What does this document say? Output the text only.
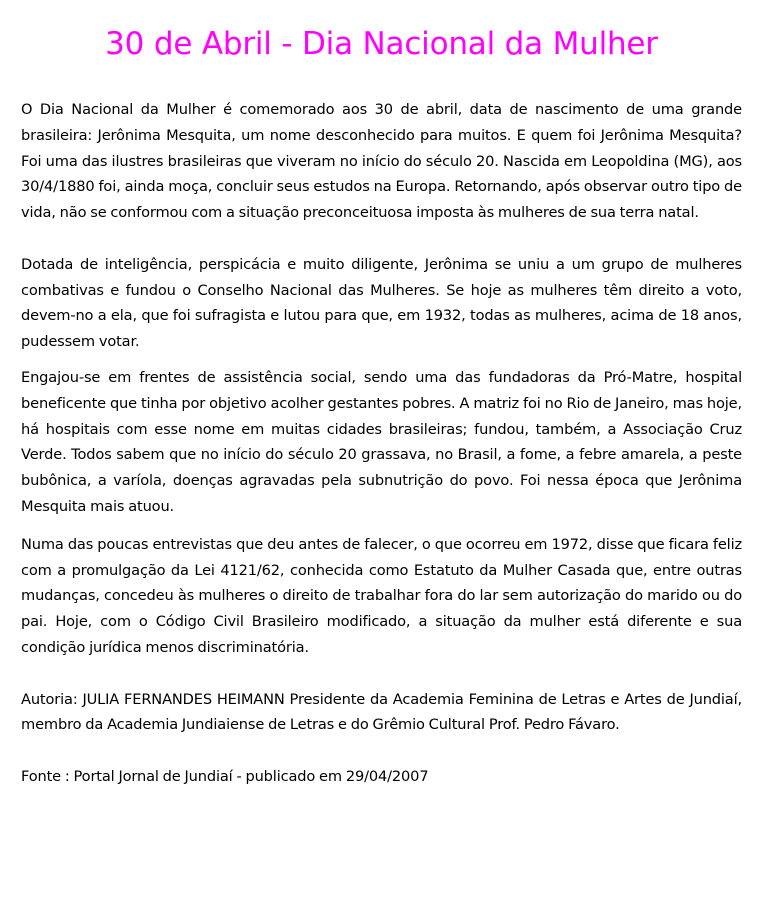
30 de Abril - Dia Nacional da Mulher

O Dia Nacional da Mulher é comemorado aos 30 de abril, data de nascimento de uma grande brasileira: Jerônima Mesquita, um nome desconhecido para muitos. E quem foi Jerônima Mesquita? Foi uma das ilustres brasileiras que viveram no início do século 20. Nascida em Leopoldina (MG), aos 30/4/1880 foi, ainda moça, concluir seus estudos na Europa. Retornando, após observar outro tipo de vida, não se conformou com a situação preconceituosa imposta às mulheres de sua terra natal.

Dotada de inteligência, perspicácia e muito diligente, Jerônima se uniu a um grupo de mulheres combativas e fundou o Conselho Nacional das Mulheres. Se hoje as mulheres têm direito a voto, devem-no a ela, que foi sufragista e lutou para que, em 1932, todas as mulheres, acima de 18 anos, pudessem votar.

Engajou-se em frentes de assistência social, sendo uma das fundadoras da Pró-Matre, hospital beneficente que tinha por objetivo acolher gestantes pobres. A matriz foi no Rio de Janeiro, mas hoje, há hospitais com esse nome em muitas cidades brasileiras; fundou, também, a Associação Cruz Verde. Todos sabem que no início do século 20 grassava, no Brasil, a fome, a febre amarela, a peste bubônica, a varíola, doenças agravadas pela subnutrição do povo. Foi nessa época que Jerônima Mesquita mais atuou.

Numa das poucas entrevistas que deu antes de falecer, o que ocorreu em 1972, disse que ficara feliz com a promulgação da Lei 4121/62, conhecida como Estatuto da Mulher Casada que, entre outras mudanças, concedeu às mulheres o direito de trabalhar fora do lar sem autorização do marido ou do pai. Hoje, com o Código Civil Brasileiro modificado, a situação da mulher está diferente e sua condição jurídica menos discriminatória.

Autoria: JULIA FERNANDES HEIMANN Presidente da Academia Feminina de Letras e Artes de Jundiaí, membro da Academia Jundiaiense de Letras e do Grêmio Cultural Prof. Pedro Fávaro.

Fonte : Portal Jornal de Jundiaí - publicado em 29/04/2007
